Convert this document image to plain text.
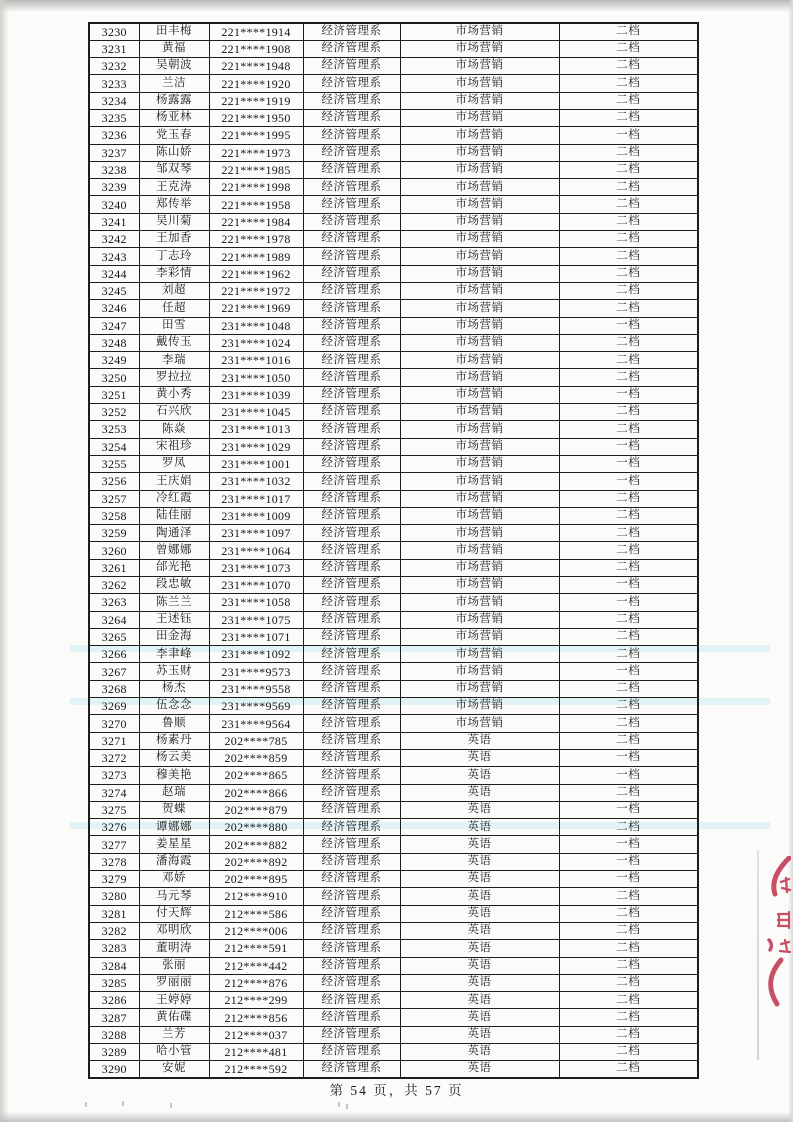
3230	田丰梅	221****1914	经济管理系	市场营销	二档
3231	黄福	221****1908	经济管理系	市场营销	二档
3232	吴朝波	221****1948	经济管理系	市场营销	二档
3233	兰洁	221****1920	经济管理系	市场营销	二档
3234	杨露露	221****1919	经济管理系	市场营销	二档
3235	杨亚林	221****1950	经济管理系	市场营销	二档
3236	党玉春	221****1995	经济管理系	市场营销	一档
3237	陈山娇	221****1973	经济管理系	市场营销	二档
3238	邹双琴	221****1985	经济管理系	市场营销	二档
3239	王克涛	221****1998	经济管理系	市场营销	二档
3240	郑传举	221****1958	经济管理系	市场营销	二档
3241	吴川菊	221****1984	经济管理系	市场营销	二档
3242	王加香	221****1978	经济管理系	市场营销	二档
3243	丁志玲	221****1989	经济管理系	市场营销	二档
3244	李彩情	221****1962	经济管理系	市场营销	二档
3245	刘超	221****1972	经济管理系	市场营销	二档
3246	任超	221****1969	经济管理系	市场营销	二档
3247	田雪	231****1048	经济管理系	市场营销	一档
3248	戴传玉	231****1024	经济管理系	市场营销	二档
3249	李瑞	231****1016	经济管理系	市场营销	二档
3250	罗拉拉	231****1050	经济管理系	市场营销	二档
3251	黄小秀	231****1039	经济管理系	市场营销	一档
3252	石兴欣	231****1045	经济管理系	市场营销	二档
3253	陈焱	231****1013	经济管理系	市场营销	二档
3254	宋祖珍	231****1029	经济管理系	市场营销	一档
3255	罗凤	231****1001	经济管理系	市场营销	一档
3256	王庆娟	231****1032	经济管理系	市场营销	一档
3257	冷红霞	231****1017	经济管理系	市场营销	二档
3258	陆佳丽	231****1009	经济管理系	市场营销	二档
3259	陶通泽	231****1097	经济管理系	市场营销	二档
3260	曾娜娜	231****1064	经济管理系	市场营销	二档
3261	邰光艳	231****1073	经济管理系	市场营销	二档
3262	段忠敏	231****1070	经济管理系	市场营销	一档
3263	陈兰兰	231****1058	经济管理系	市场营销	一档
3264	王述钰	231****1075	经济管理系	市场营销	二档
3265	田金海	231****1071	经济管理系	市场营销	二档
3266	李聿峰	231****1092	经济管理系	市场营销	二档
3267	苏玉财	231****9573	经济管理系	市场营销	一档
3268	杨杰	231****9558	经济管理系	市场营销	二档
3269	伍念念	231****9569	经济管理系	市场营销	二档
3270	鲁顺	231****9564	经济管理系	市场营销	二档
3271	杨素丹	202****785	经济管理系	英语	二档
3272	杨云美	202****859	经济管理系	英语	一档
3273	穆美艳	202****865	经济管理系	英语	一档
3274	赵瑞	202****866	经济管理系	英语	二档
3275	贺蝶	202****879	经济管理系	英语	一档
3276	谭娜娜	202****880	经济管理系	英语	二档
3277	姜星星	202****882	经济管理系	英语	一档
3278	潘海霞	202****892	经济管理系	英语	一档
3279	邓娇	202****895	经济管理系	英语	一档
3280	马元琴	212****910	经济管理系	英语	二档
3281	付天辉	212****586	经济管理系	英语	二档
3282	邓明欣	212****006	经济管理系	英语	二档
3283	董明涛	212****591	经济管理系	英语	二档
3284	张丽	212****442	经济管理系	英语	二档
3285	罗丽丽	212****876	经济管理系	英语	二档
3286	王婷婷	212****299	经济管理系	英语	二档
3287	黄佑碟	212****856	经济管理系	英语	二档
3288	兰芳	212****037	经济管理系	英语	二档
3289	哈小管	212****481	经济管理系	英语	二档
3290	安妮	212****592	经济管理系	英语	二档
第 54 页，共 57 页
